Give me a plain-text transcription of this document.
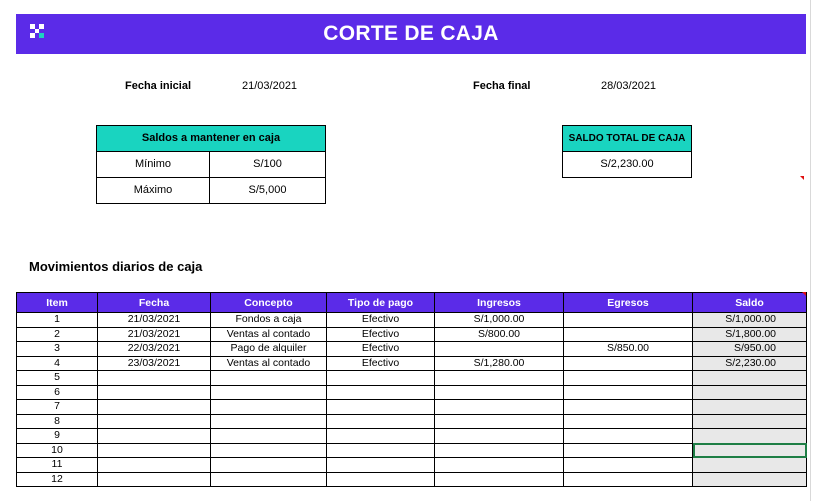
CORTE DE CAJA
Fecha inicial	21/03/2021	Fecha final	28/03/2021
Saldos a mantener en caja
Mínimo	S/100
Máximo	S/5,000
SALDO TOTAL DE CAJA
S/2,230.00
Movimientos diarios de caja
Item	Fecha	Concepto	Tipo de pago	Ingresos	Egresos	Saldo
1	21/03/2021	Fondos a caja	Efectivo	S/1,000.00		S/1,000.00
2	21/03/2021	Ventas al contado	Efectivo	S/800.00		S/1,800.00
3	22/03/2021	Pago de alquiler	Efectivo		S/850.00	S/950.00
4	23/03/2021	Ventas al contado	Efectivo	S/1,280.00		S/2,230.00
5						
6						
7						
8						
9						
10						
11						
12						
